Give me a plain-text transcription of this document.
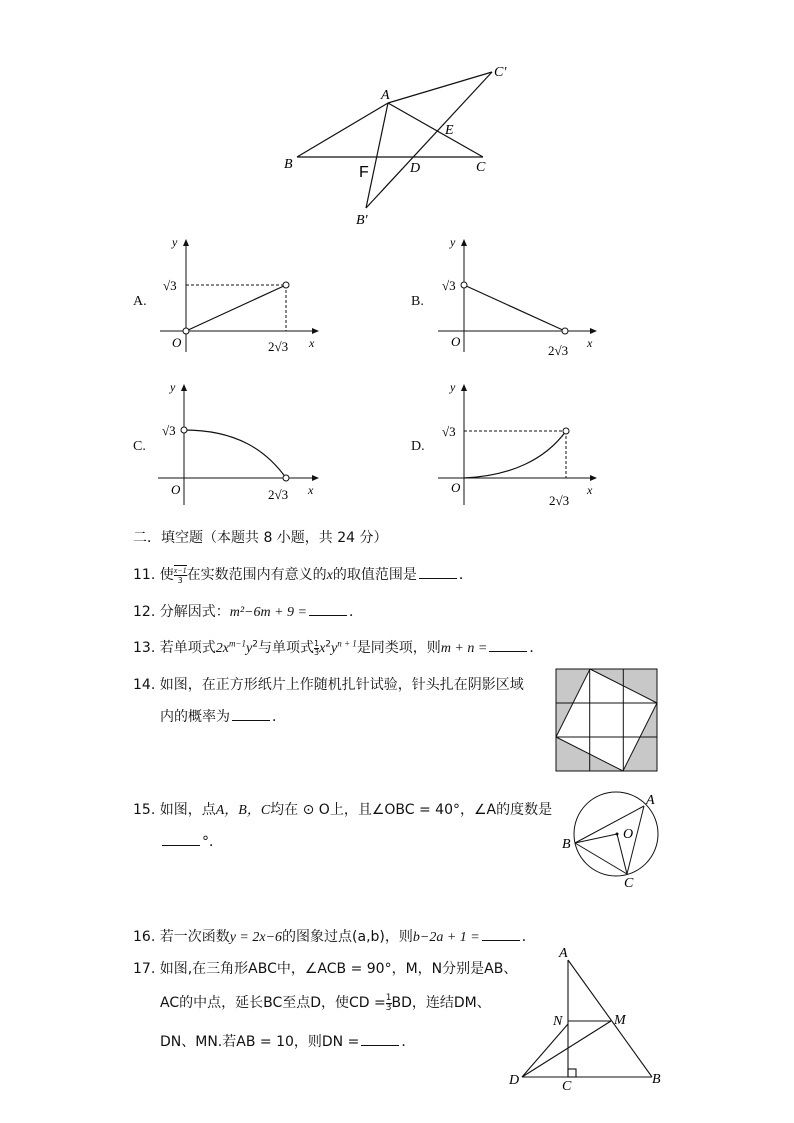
A
B	C
C′
B′
E
F	D
A.	B.
C.	D.
y
x
O
√3
2√3
y
x
O
√3
2√3
y
x
O
√3
2√3
y
x
O
√3
2√3
二．填空题（本题共 8 小题，共 24 分）
11. 使 $\frac{x-1}{3}$ 在实数范围内有意义的x的取值范围是	．
12. 分解因式：m²−6m + 9 =	．
13. 若单项式$2x^{m-1}y^2$与单项式 $\frac{1}{3} x^2y^{n + 1}$是同类项，则m + n =	．
14. 如图，在正方形纸片上作随机扎针试验，针头扎在阴影区域
内的概率为	．
15. 如图，点A，B，C均在 ⊙ O上，且∠OBC = 40°，∠A的度数是
°．
A
B
C
O
16. 若一次函数y = 2x−6的图象过点(a,b)，则b−2a + 1 =	．
17. 如图,在三角形ABC中，∠ACB = 90°，M，N分别是AB、
AC的中点，延长BC至点D，使CD = $\frac{1}{3}$ BD，连结DM、
DN、MN.若AB = 10，则DN =	．
A
B
C
D
M
N
